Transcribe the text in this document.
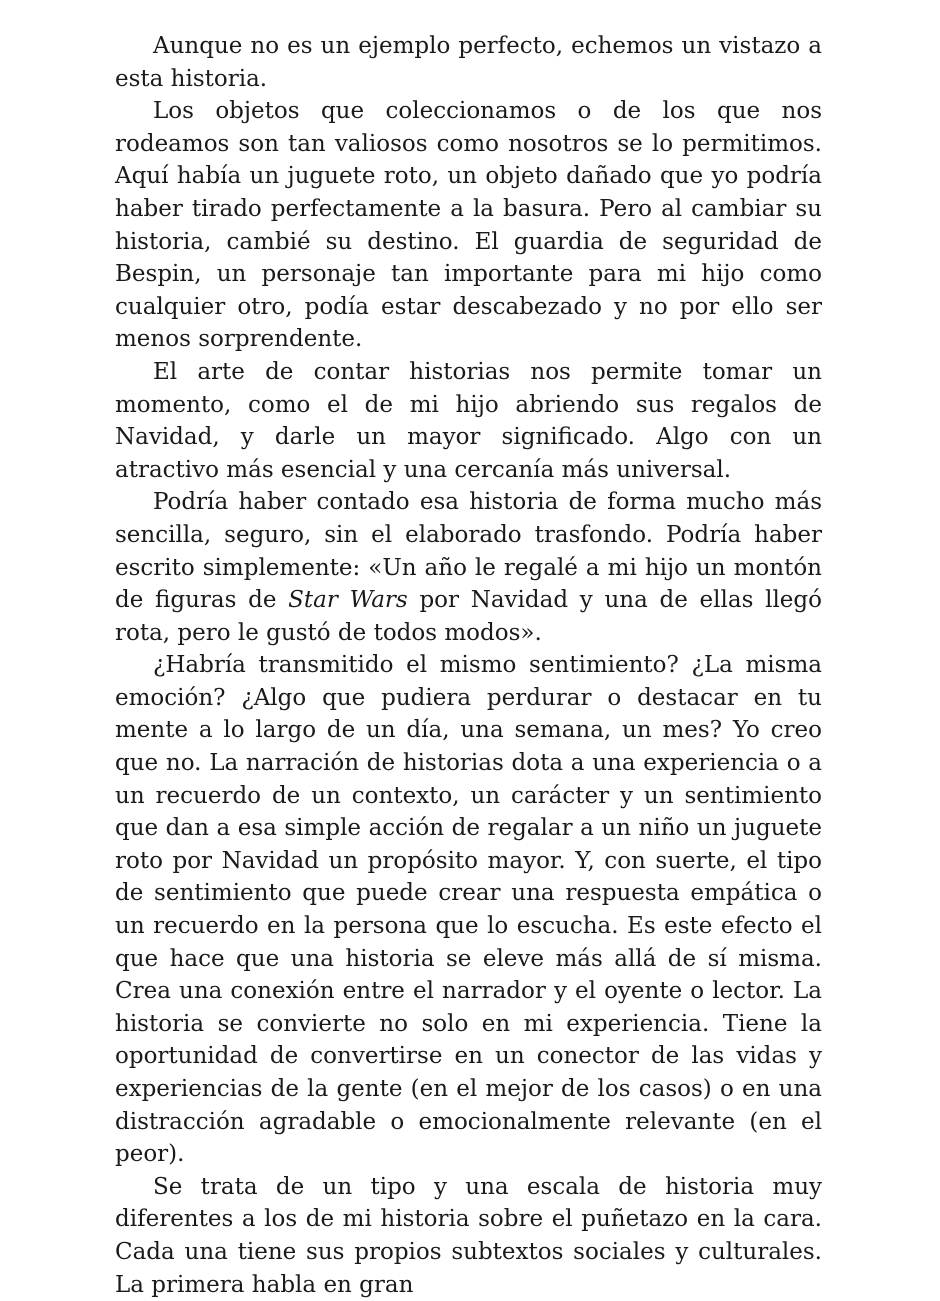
Aunque no es un ejemplo perfecto, echemos un vistazo a esta historia.

Los objetos que coleccionamos o de los que nos rodeamos son tan valiosos como nosotros se lo permitimos. Aquí había un juguete roto, un objeto dañado que yo podría haber tirado perfectamente a la basura. Pero al cambiar su historia, cambié su destino. El guardia de seguridad de Bespin, un personaje tan importante para mi hijo como cualquier otro, podía estar descabezado y no por ello ser menos sorprendente.

El arte de contar historias nos permite tomar un momento, como el de mi hijo abriendo sus regalos de Navidad, y darle un mayor significado. Algo con un atractivo más esencial y una cercanía más universal.

Podría haber contado esa historia de forma mucho más sencilla, seguro, sin el elaborado trasfondo. Podría haber escrito simplemente: «Un año le regalé a mi hijo un montón de figuras de Star Wars por Navidad y una de ellas llegó rota, pero le gustó de todos modos».

¿Habría transmitido el mismo sentimiento? ¿La misma emoción? ¿Algo que pudiera perdurar o destacar en tu mente a lo largo de un día, una semana, un mes? Yo creo que no. La narración de historias dota a una experiencia o a un recuerdo de un contexto, un carácter y un sentimiento que dan a esa simple acción de regalar a un niño un juguete roto por Navidad un propósito mayor. Y, con suerte, el tipo de sentimiento que puede crear una respuesta empática o un recuerdo en la persona que lo escucha. Es este efecto el que hace que una historia se eleve más allá de sí misma. Crea una conexión entre el narrador y el oyente o lector. La historia se convierte no solo en mi experiencia. Tiene la oportunidad de convertirse en un conector de las vidas y experiencias de la gente (en el mejor de los casos) o en una distracción agradable o emocionalmente relevante (en el peor).

Se trata de un tipo y una escala de historia muy diferentes a los de mi historia sobre el puñetazo en la cara. Cada una tiene sus propios subtextos sociales y culturales. La primera habla en gran
